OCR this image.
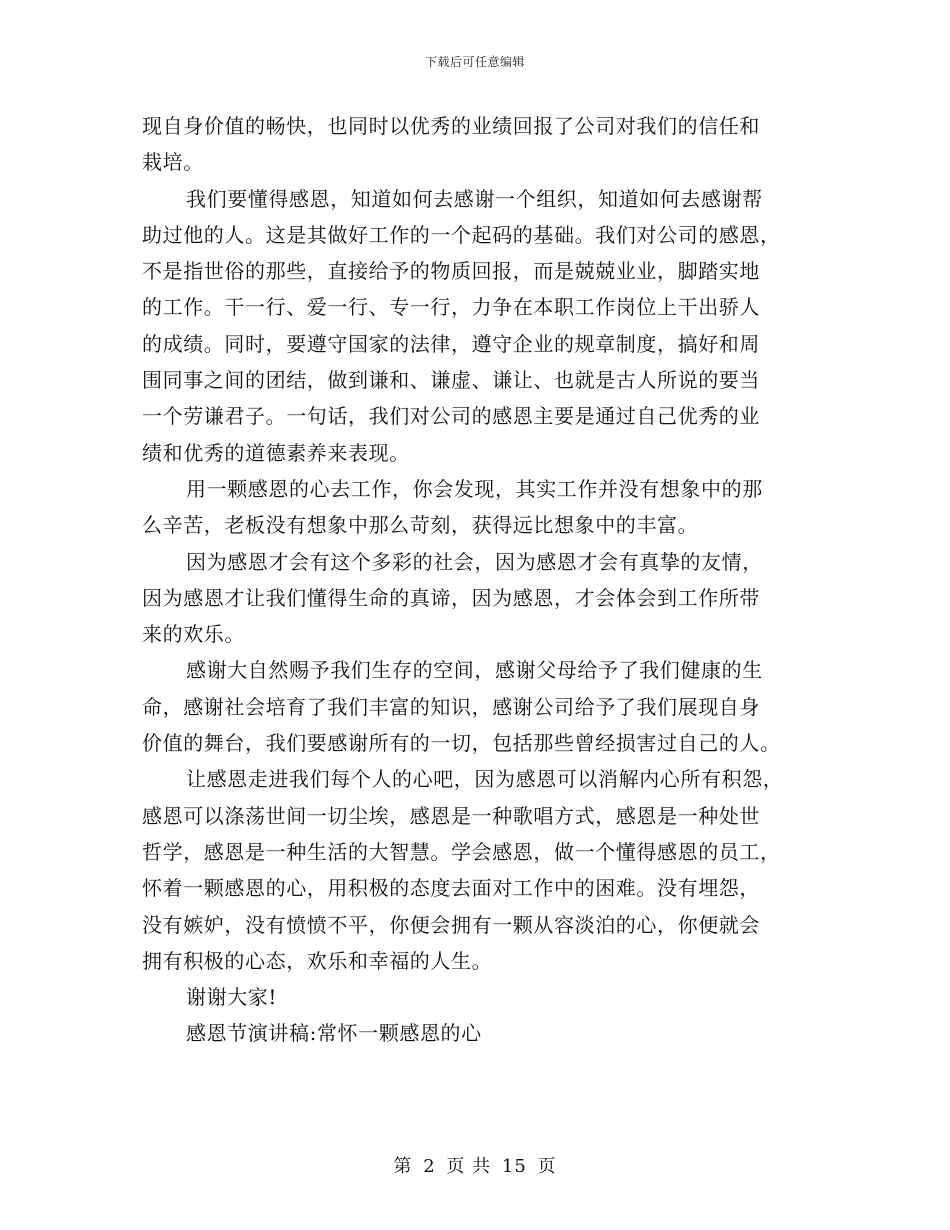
下载后可任意编辑
现自身价值的畅快，也同时以优秀的业绩回报了公司对我们的信任和
栽培。
我们要懂得感恩，知道如何去感谢一个组织，知道如何去感谢帮
助过他的人。这是其做好工作的一个起码的基础。我们对公司的感恩，
不是指世俗的那些，直接给予的物质回报，而是兢兢业业，脚踏实地
的工作。干一行、爱一行、专一行，力争在本职工作岗位上干出骄人
的成绩。同时，要遵守国家的法律，遵守企业的规章制度，搞好和周
围同事之间的团结，做到谦和、谦虚、谦让、也就是古人所说的要当
一个劳谦君子。一句话，我们对公司的感恩主要是通过自己优秀的业
绩和优秀的道德素养来表现。
用一颗感恩的心去工作，你会发现，其实工作并没有想象中的那
么辛苦，老板没有想象中那么苛刻，获得远比想象中的丰富。
因为感恩才会有这个多彩的社会，因为感恩才会有真挚的友情，
因为感恩才让我们懂得生命的真谛，因为感恩，才会体会到工作所带
来的欢乐。
感谢大自然赐予我们生存的空间，感谢父母给予了我们健康的生
命，感谢社会培育了我们丰富的知识，感谢公司给予了我们展现自身
价值的舞台，我们要感谢所有的一切，包括那些曾经损害过自己的人。
让感恩走进我们每个人的心吧，因为感恩可以消解内心所有积怨，
感恩可以涤荡世间一切尘埃，感恩是一种歌唱方式，感恩是一种处世
哲学，感恩是一种生活的大智慧。学会感恩，做一个懂得感恩的员工，
怀着一颗感恩的心，用积极的态度去面对工作中的困难。没有埋怨，
没有嫉妒，没有愤愤不平，你便会拥有一颗从容淡泊的心，你便就会
拥有积极的心态，欢乐和幸福的人生。
谢谢大家!
感恩节演讲稿:常怀一颗感恩的心
第 2 页 共 15 页
